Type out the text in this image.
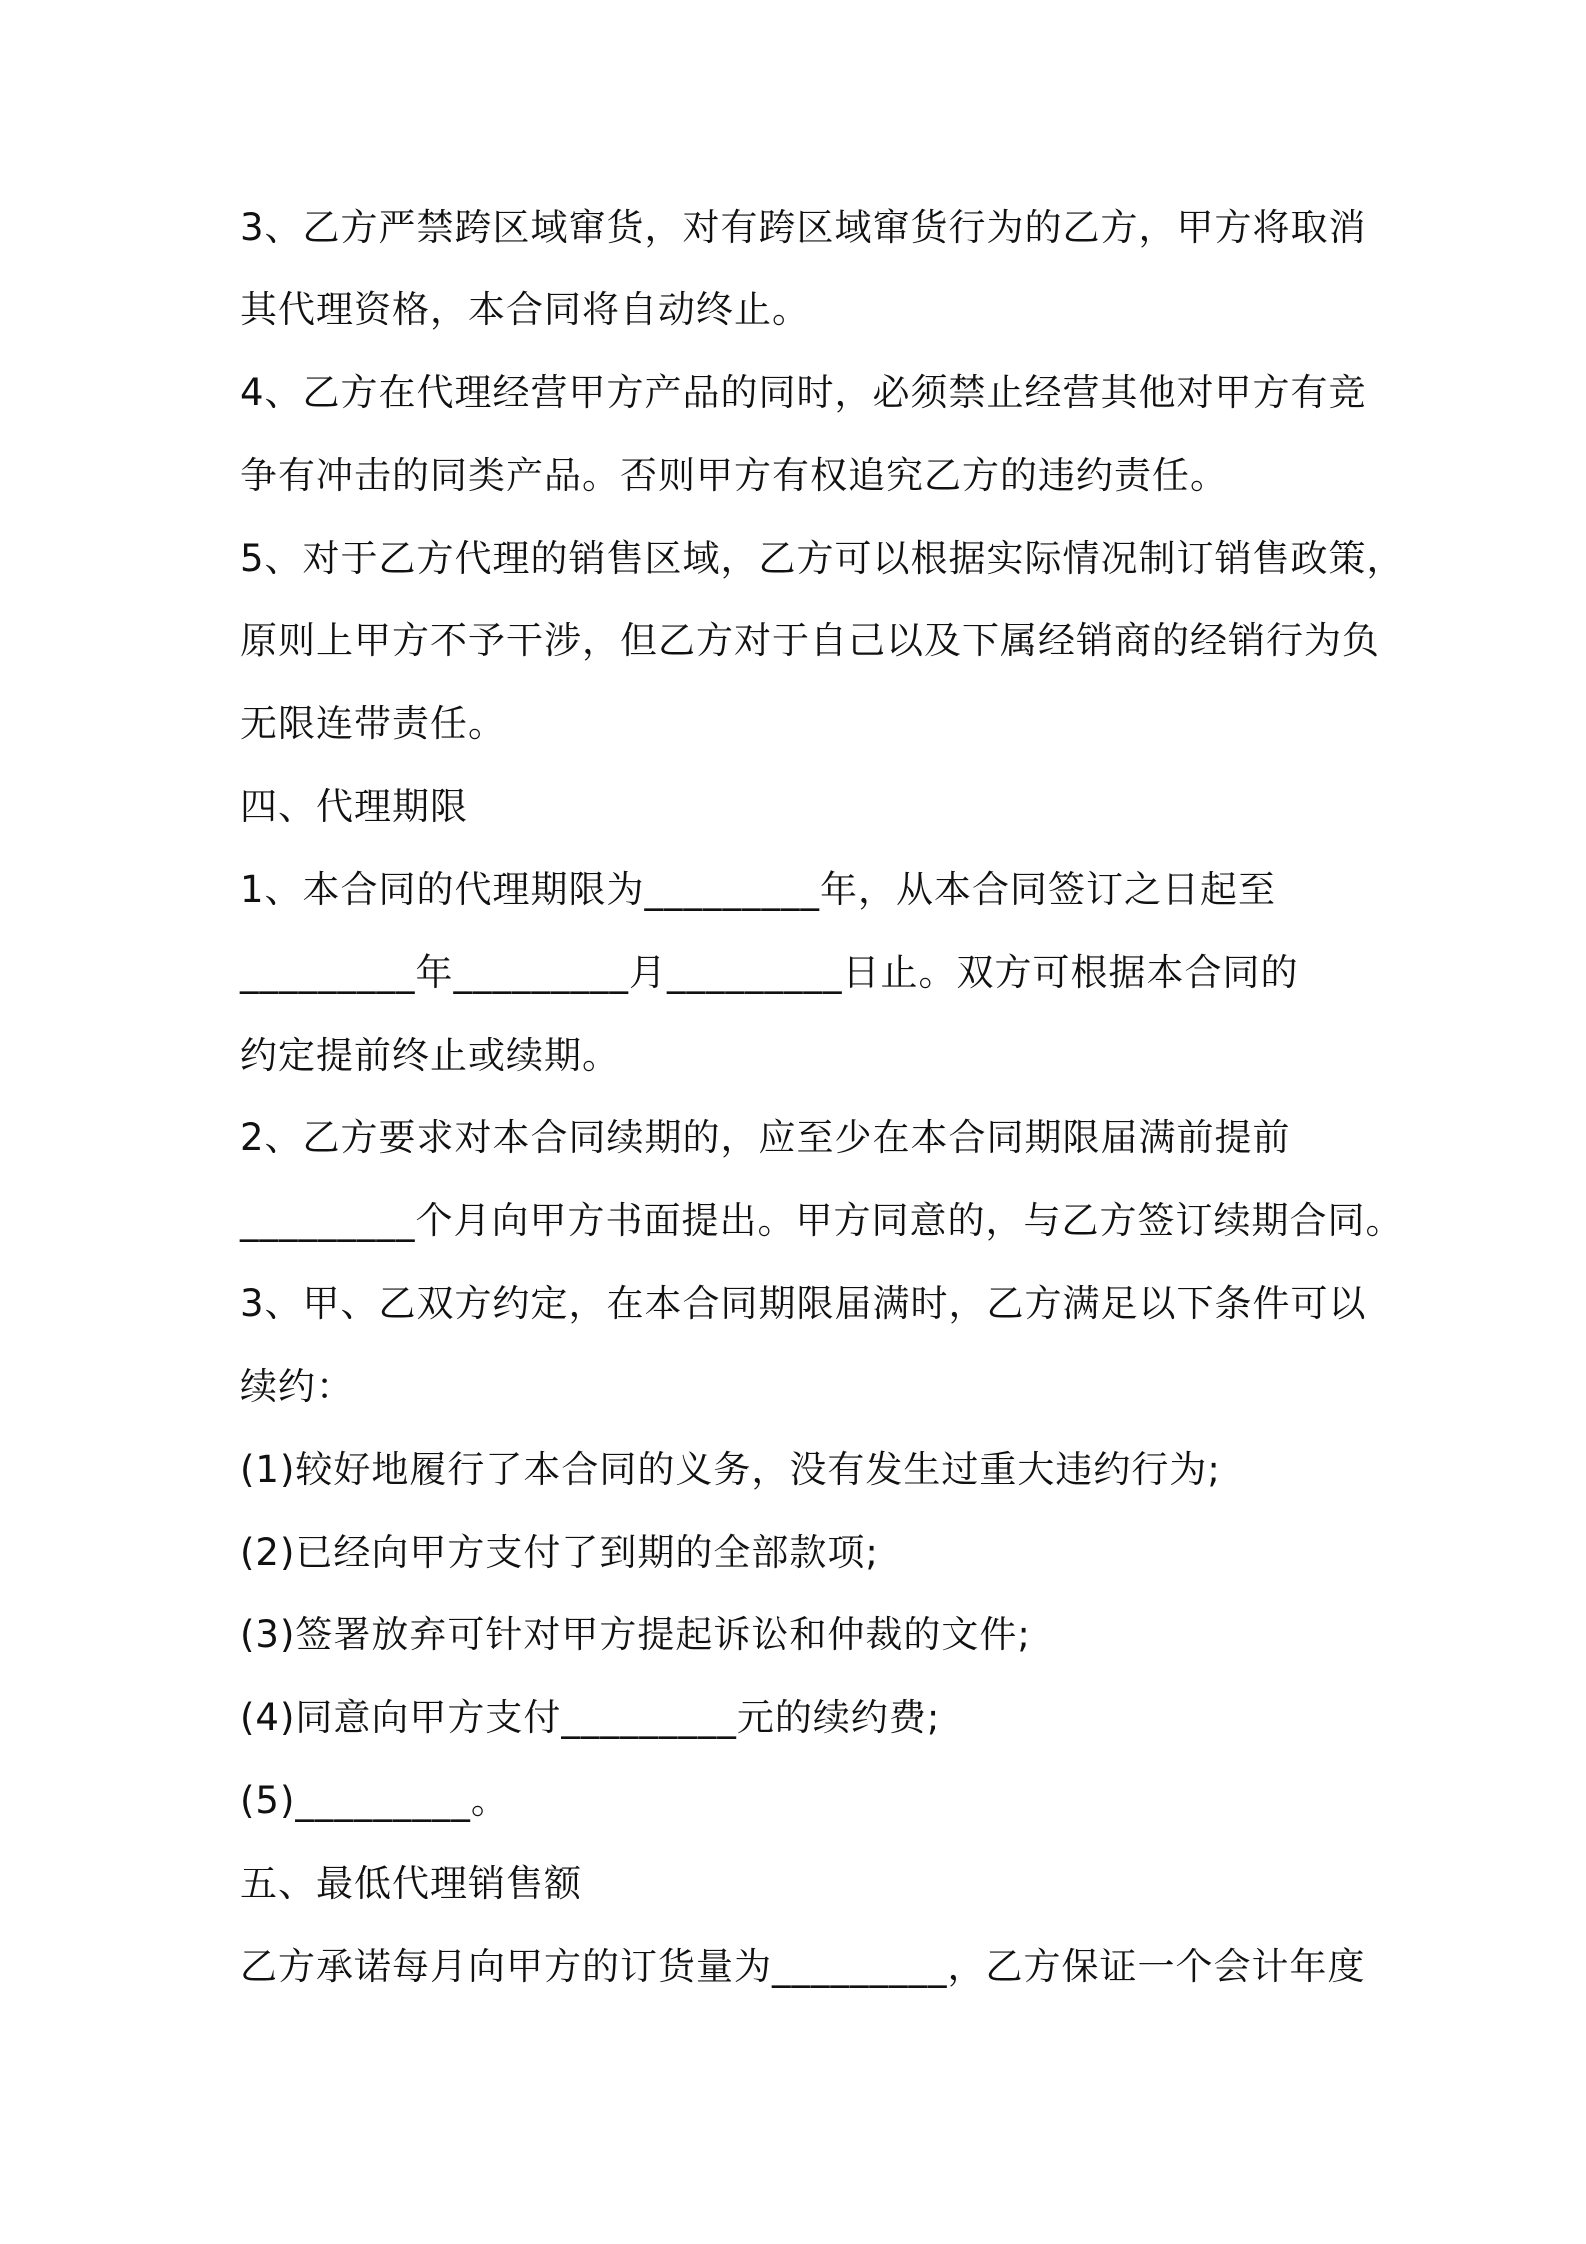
3、乙方严禁跨区域窜货，对有跨区域窜货行为的乙方，甲方将取消
其代理资格，本合同将自动终止。
4、乙方在代理经营甲方产品的同时，必须禁止经营其他对甲方有竞
争有冲击的同类产品。否则甲方有权追究乙方的违约责任。
5、对于乙方代理的销售区域，乙方可以根据实际情况制订销售政策，
原则上甲方不予干涉，但乙方对于自己以及下属经销商的经销行为负
无限连带责任。
四、代理期限
1、本合同的代理期限为_________年，从本合同签订之日起至
_________年_________月_________日止。双方可根据本合同的
约定提前终止或续期。
2、乙方要求对本合同续期的，应至少在本合同期限届满前提前
_________个月向甲方书面提出。甲方同意的，与乙方签订续期合同。
3、甲、乙双方约定，在本合同期限届满时，乙方满足以下条件可以
续约：
(1)较好地履行了本合同的义务，没有发生过重大违约行为;
(2)已经向甲方支付了到期的全部款项;
(3)签署放弃可针对甲方提起诉讼和仲裁的文件;
(4)同意向甲方支付_________元的续约费;
(5)_________。
五、最低代理销售额
乙方承诺每月向甲方的订货量为_________，乙方保证一个会计年度
